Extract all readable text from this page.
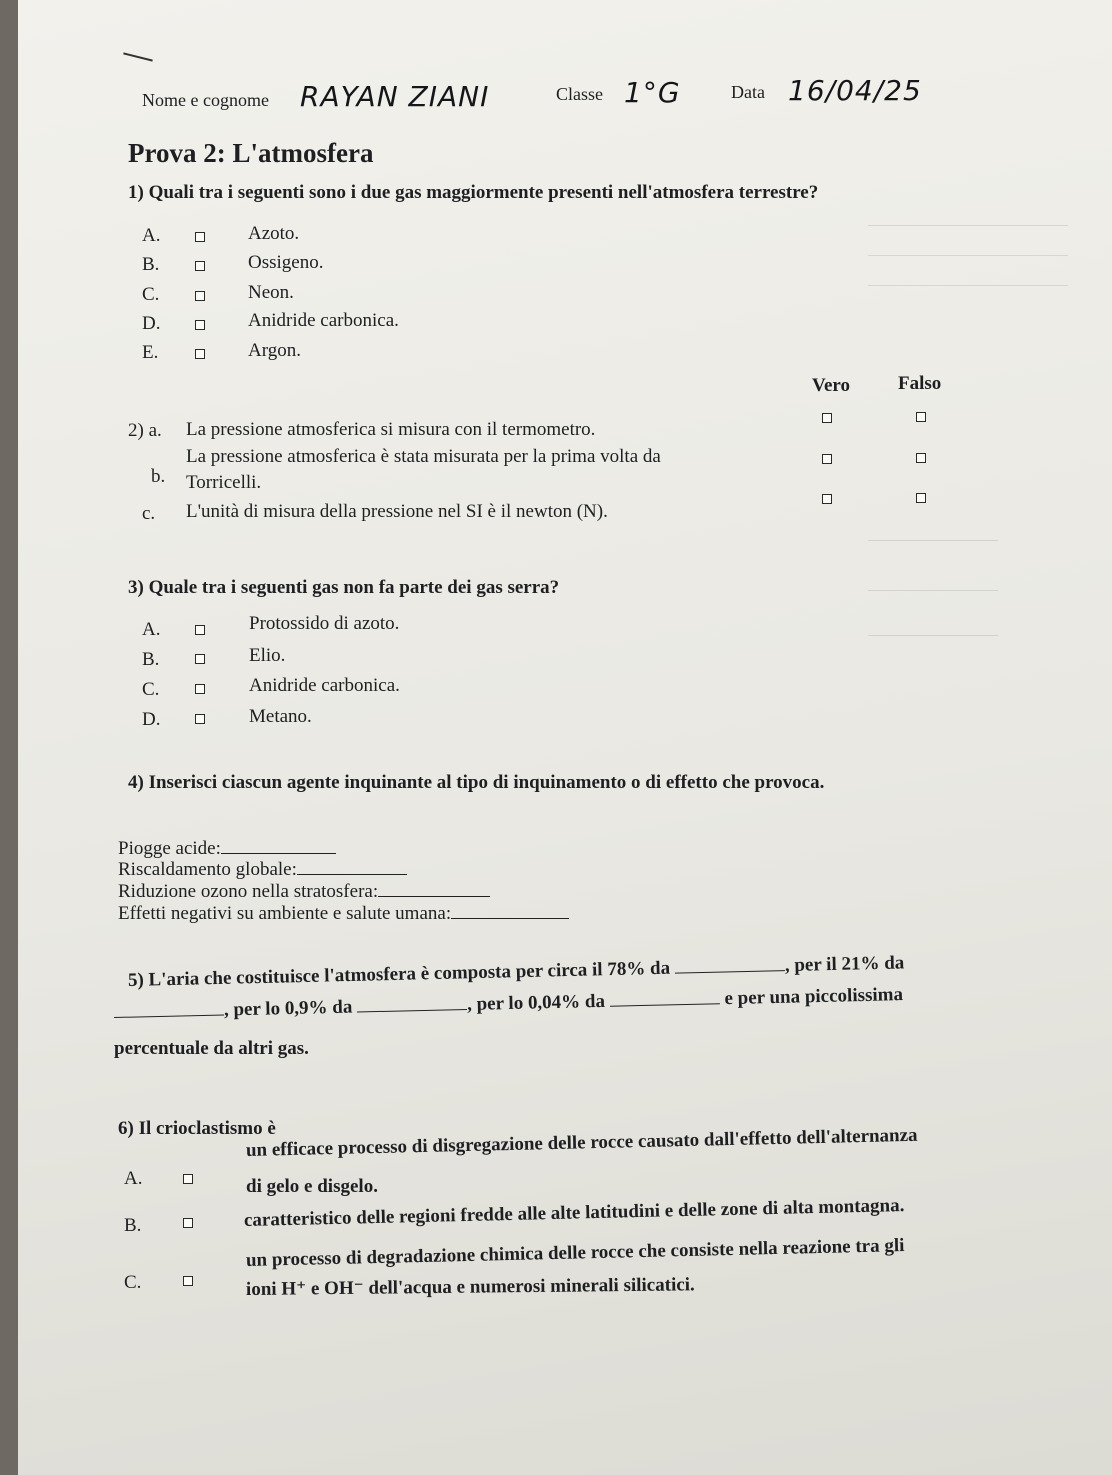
Nome e cognome RAYAN ZIANI	Classe 1°G	Data 16/04/25
Prova 2: L'atmosfera
1) Quali tra i seguenti sono i due gas maggiormente presenti nell'atmosfera terrestre?
A.	Azoto.
B.	Ossigeno.
C.	Neon.
D.	Anidride carbonica.
E.	Argon.
Vero	Falso
2) a. La pressione atmosferica si misura con il termometro.
b.
La pressione atmosferica è stata misurata per la prima volta da
Torricelli.
c. L'unità di misura della pressione nel SI è il newton (N).
3) Quale tra i seguenti gas non fa parte dei gas serra?
A.	Protossido di azoto.
B.	Elio.
C.	Anidride carbonica.
D.	Metano.
4) Inserisci ciascun agente inquinante al tipo di inquinamento o di effetto che provoca.
Piogge acide:
Riscaldamento globale:
Riduzione ozono nella stratosfera:
Effetti negativi su ambiente e salute umana:
5) L'aria che costituisce l'atmosfera è composta per circa il 78% da	, per il 21% da
, per lo 0,9% da	, per lo 0,04% da	e per una piccolissima
percentuale da altri gas.
6) Il crioclastismo è
A.
un efficace processo di disgregazione delle rocce causato dall'effetto dell'alternanza
di gelo e disgelo.
B.	caratteristico delle regioni fredde alle alte latitudini e delle zone di alta montagna.
C.
un processo di degradazione chimica delle rocce che consiste nella reazione tra gli
ioni H⁺ e OH⁻ dell'acqua e numerosi minerali silicatici.
